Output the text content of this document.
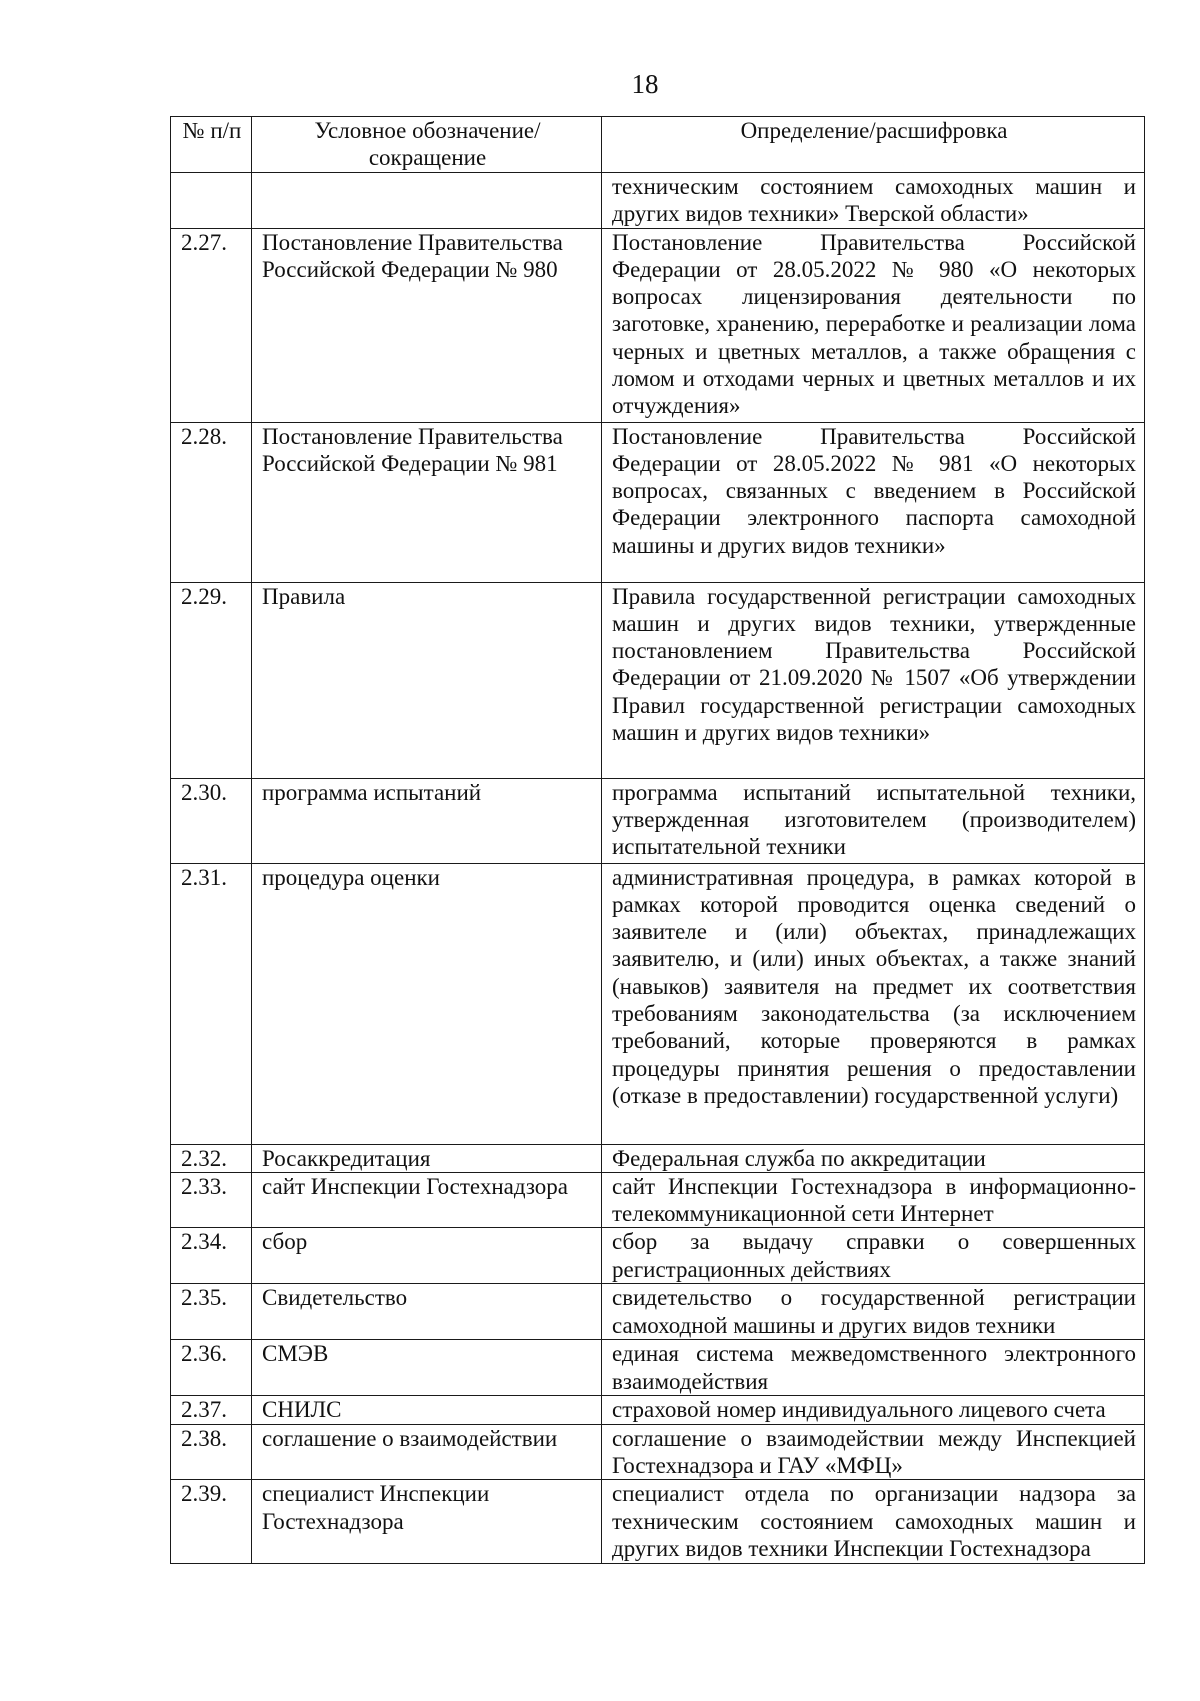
18
№ п/п	Условное обозначение/сокращение	Определение/расшифровка
		техническим состоянием самоходных машин и других видов техники» Тверской области»
2.27.	Постановление Правительства Российской Федерации № 980	Постановление Правительства Российской Федерации от 28.05.2022 № 980 «О некоторых вопросах лицензирования деятельности по заготовке, хранению, переработке и реализации лома черных и цветных металлов, а также обращения с ломом и отходами черных и цветных металлов и их отчуждения»
2.28.	Постановление Правительства Российской Федерации № 981	Постановление Правительства Российской Федерации от 28.05.2022 № 981 «О некоторых вопросах, связанных с введением в Российской Федерации электронного паспорта самоходной машины и других видов техники»
2.29.	Правила	Правила государственной регистрации самоходных машин и других видов техники, утвержденные постановлением Правительства Российской Федерации от 21.09.2020 № 1507 «Об утверждении Правил государственной регистрации самоходных машин и других видов техники»
2.30.	программа испытаний	программа испытаний испытательной техники, утвержденная изготовителем (производителем) испытательной техники
2.31.	процедура оценки	административная процедура, в рамках которой в рамках которой проводится оценка сведений о заявителе и (или) объектах, принадлежащих заявителю, и (или) иных объектах, а также знаний (навыков) заявителя на предмет их соответствия требованиям законодательства (за исключением требований, которые проверяются в рамках процедуры принятия решения о предоставлении (отказе в предоставлении) государственной услуги)
2.32.	Росаккредитация	Федеральная служба по аккредитации
2.33.	сайт Инспекции Гостехнадзора	сайт Инспекции Гостехнадзора в информационно-телекоммуникационной сети Интернет
2.34.	сбор	сбор за выдачу справки о совершенных регистрационных действиях
2.35.	Свидетельство	свидетельство о государственной регистрации самоходной машины и других видов техники
2.36.	СМЭВ	единая система межведомственного электронного взаимодействия
2.37.	СНИЛС	страховой номер индивидуального лицевого счета
2.38.	соглашение о взаимодействии	соглашение о взаимодействии между Инспекцией Гостехнадзора и ГАУ «МФЦ»
2.39.	специалист Инспекции Гостехнадзора	специалист отдела по организации надзора за техническим состоянием самоходных машин и других видов техники Инспекции Гостехнадзора
